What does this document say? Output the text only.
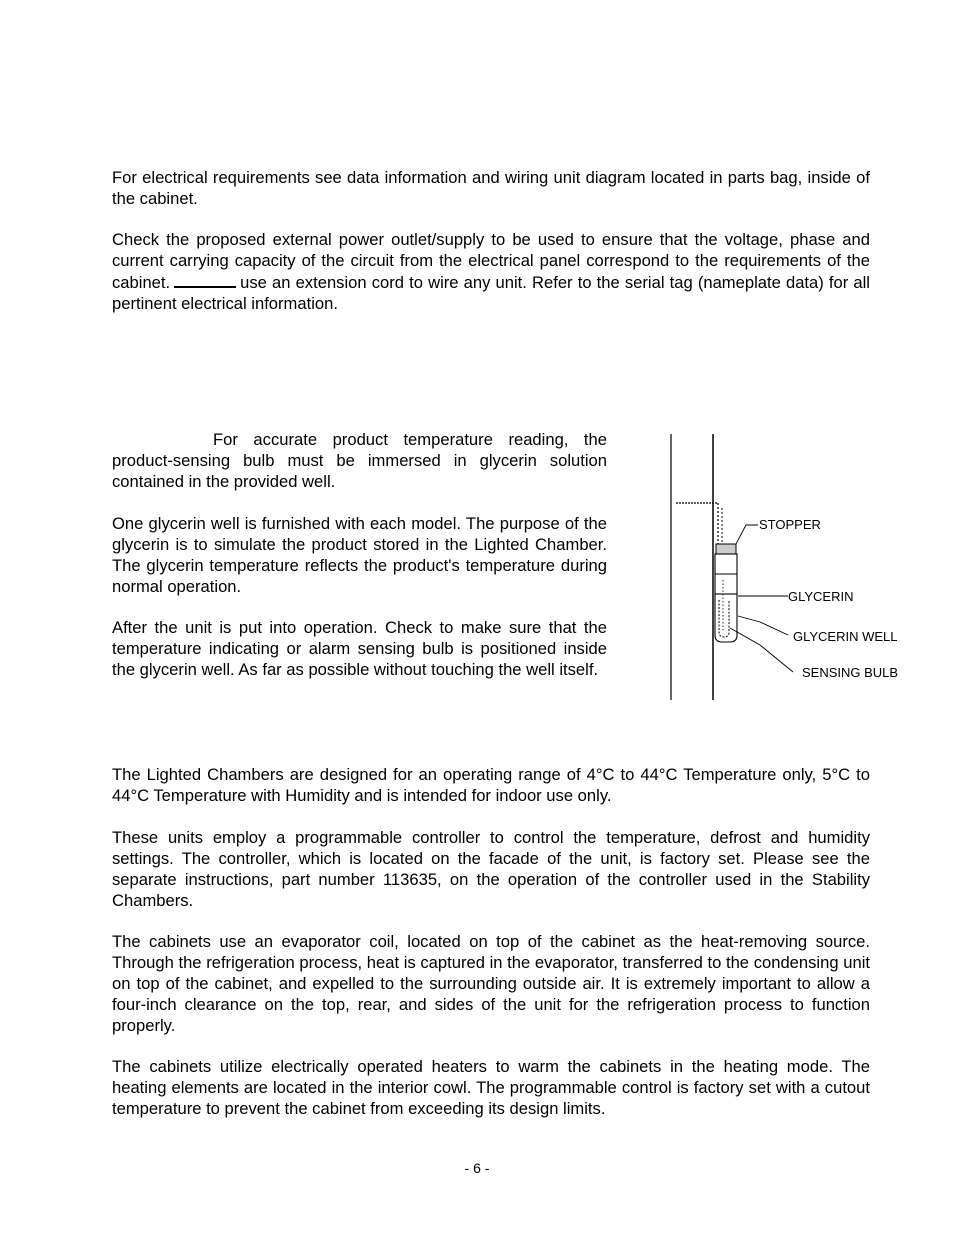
For electrical requirements see data information and wiring unit diagram located in parts bag, inside of the cabinet.

Check the proposed external power outlet/supply to be used to ensure that the voltage, phase and current carrying capacity of the circuit from the electrical panel correspond to the requirements of the cabinet.	use an extension cord to wire any unit. Refer to the serial tag (nameplate data) for all pertinent electrical information.

For accurate product temperature reading, the product-sensing bulb must be immersed in glycerin solution contained in the provided well.

One glycerin well is furnished with each model. The purpose of the glycerin is to simulate the product stored in the Lighted Chamber. The glycerin temperature reflects the product's temperature during normal operation.

After the unit is put into operation. Check to make sure that the temperature indicating or alarm sensing bulb is positioned inside the glycerin well. As far as possible without touching the well itself.

STOPPER
GLYCERIN
GLYCERIN WELL
SENSING BULB

The Lighted Chambers are designed for an operating range of 4°C to 44°C Temperature only, 5°C to 44°C Temperature with Humidity and is intended for indoor use only.

These units employ a programmable controller to control the temperature, defrost and humidity settings. The controller, which is located on the facade of the unit, is factory set. Please see the separate instructions, part number 113635, on the operation of the controller used in the Stability Chambers.

The cabinets use an evaporator coil, located on top of the cabinet as the heat-removing source. Through the refrigeration process, heat is captured in the evaporator, transferred to the condensing unit on top of the cabinet, and expelled to the surrounding outside air. It is extremely important to allow a four-inch clearance on the top, rear, and sides of the unit for the refrigeration process to function properly.

The cabinets utilize electrically operated heaters to warm the cabinets in the heating mode. The heating elements are located in the interior cowl. The programmable control is factory set with a cutout temperature to prevent the cabinet from exceeding its design limits.

- 6 -
